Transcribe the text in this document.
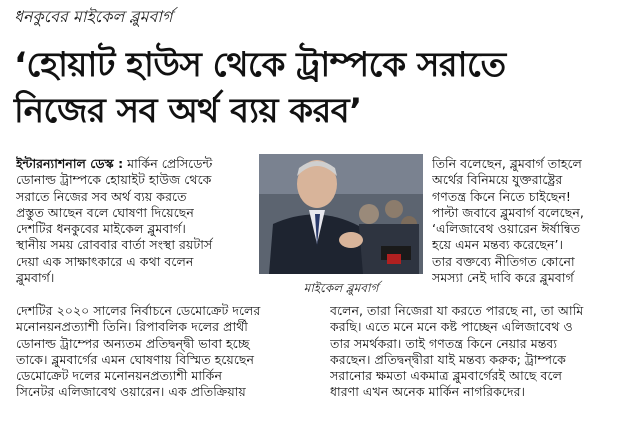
ধনকুবের মাইকেল ব্লুমবার্গ
‘হোয়াট হাউস থেকে ট্রাম্পকে সরাতে
নিজের সব অর্থ ব্যয় করব’
ইন্টারন্যাশনাল ডেস্ক : মার্কিন প্রেসিডেন্ট
ডোনাল্ড ট্রাম্পকে হোয়াইট হাউজ থেকে
সরাতে নিজের সব অর্থ ব্যয় করতে
প্রস্তুত আছেন বলে ঘোষণা দিয়েছেন
দেশটির ধনকুবের মাইকেল ব্লুমবার্গ।
স্থানীয় সময় রোববার বার্তা সংস্থা রয়টার্স
দেয়া এক সাক্ষাৎকারে এ কথা বলেন
ব্লুমবার্গ।
দেশটির ২০২০ সালের নির্বাচনে ডেমোক্রেট দলের
মনোনয়নপ্রত্যাশী তিনি। রিপাবলিক দলের প্রার্থী
ডোনাল্ড ট্রাম্পের অন্যতম প্রতিদ্বন্দ্বী ভাবা হচ্ছে
তাকে। ব্লুমবার্গের এমন ঘোষণায় বিস্মিত হয়েছেন
ডেমোক্রেট দলের মনোনয়নপ্রত্যাশী মার্কিন
সিনেটর এলিজাবেথ ওয়ারেন। এক প্রতিক্রিয়ায়
মাইকেল ব্লুমবার্গ
তিনি বলেছেন, ব্লুমবার্গ তাহলে
অর্থের বিনিময়ে যুক্তরাষ্ট্রের
গণতন্ত্র কিনে নিতে চাইছেন!
পাল্টা জবাবে ব্লুমবার্গ বলেছেন,
‘এলিজাবেথ ওয়ারেন ঈর্ষান্বিত
হয়ে এমন মন্তব্য করেছেন’।
তার বক্তব্যে নীতিগত কোনো
সমস্যা নেই দাবি করে ব্লুমবার্গ
বলেন, তারা নিজেরা যা করতে পারছে না, তা আমি
করছি। এতে মনে মনে কষ্ট পাচ্ছেন এলিজাবেথ ও
তার সমর্থকরা। তাই গণতন্ত্র কিনে নেয়ার মন্তব্য
করছেন। প্রতিদ্বন্দ্বীরা যাই মন্তব্য করুক; ট্রাম্পকে
সরানোর ক্ষমতা একমাত্র ব্লুমবার্গেরই আছে বলে
ধারণা এখন অনেক মার্কিন নাগরিকদের।
